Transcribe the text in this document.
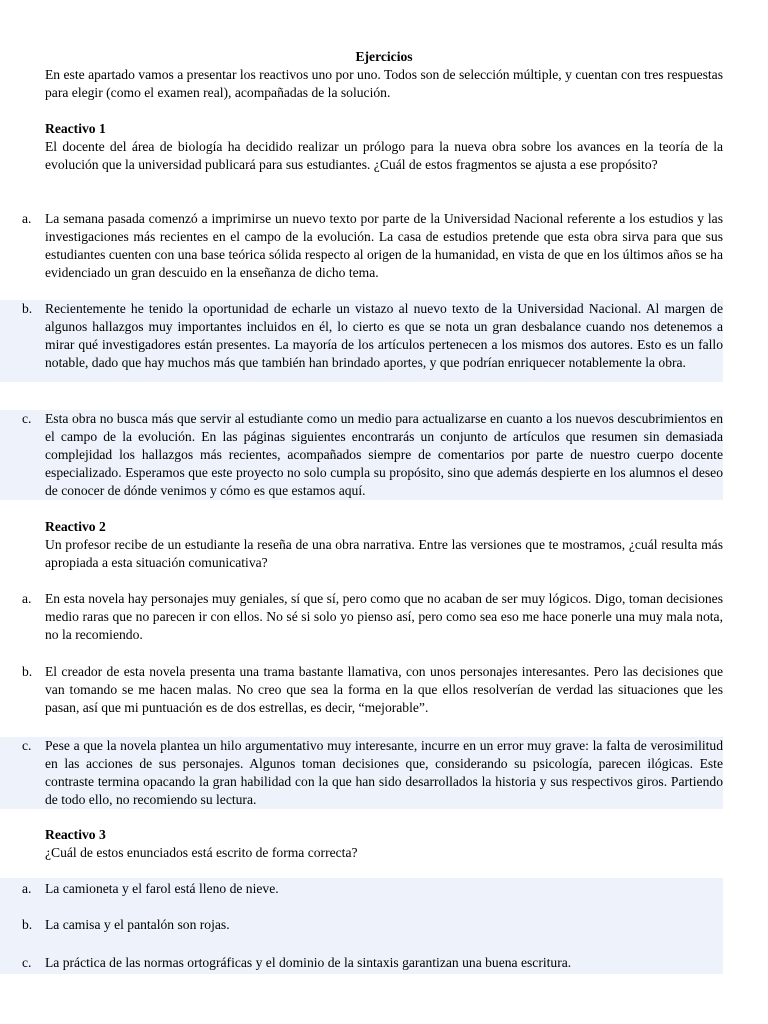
Ejercicios
En este apartado vamos a presentar los reactivos uno por uno. Todos son de selección múltiple, y cuentan con tres respuestas para elegir (como el examen real), acompañadas de la solución.
Reactivo 1
El docente del área de biología ha decidido realizar un prólogo para la nueva obra sobre los avances en la teoría de la evolución que la universidad publicará para sus estudiantes. ¿Cuál de estos fragmentos se ajusta a ese propósito?
a. La semana pasada comenzó a imprimirse un nuevo texto por parte de la Universidad Nacional referente a los estudios y las investigaciones más recientes en el campo de la evolución. La casa de estudios pretende que esta obra sirva para que sus estudiantes cuenten con una base teórica sólida respecto al origen de la humanidad, en vista de que en los últimos años se ha evidenciado un gran descuido en la enseñanza de dicho tema.
b. Recientemente he tenido la oportunidad de echarle un vistazo al nuevo texto de la Universidad Nacional. Al margen de algunos hallazgos muy importantes incluidos en él, lo cierto es que se nota un gran desbalance cuando nos detenemos a mirar qué investigadores están presentes. La mayoría de los artículos pertenecen a los mismos dos autores. Esto es un fallo notable, dado que hay muchos más que también han brindado aportes, y que podrían enriquecer notablemente la obra.
c. Esta obra no busca más que servir al estudiante como un medio para actualizarse en cuanto a los nuevos descubrimientos en el campo de la evolución. En las páginas siguientes encontrarás un conjunto de artículos que resumen sin demasiada complejidad los hallazgos más recientes, acompañados siempre de comentarios por parte de nuestro cuerpo docente especializado. Esperamos que este proyecto no solo cumpla su propósito, sino que además despierte en los alumnos el deseo de conocer de dónde venimos y cómo es que estamos aquí.
Reactivo 2
Un profesor recibe de un estudiante la reseña de una obra narrativa. Entre las versiones que te mostramos, ¿cuál resulta más apropiada a esta situación comunicativa?
a. En esta novela hay personajes muy geniales, sí que sí, pero como que no acaban de ser muy lógicos. Digo, toman decisiones medio raras que no parecen ir con ellos. No sé si solo yo pienso así, pero como sea eso me hace ponerle una muy mala nota, no la recomiendo.
b. El creador de esta novela presenta una trama bastante llamativa, con unos personajes interesantes. Pero las decisiones que van tomando se me hacen malas. No creo que sea la forma en la que ellos resolverían de verdad las situaciones que les pasan, así que mi puntuación es de dos estrellas, es decir, “mejorable”.
c. Pese a que la novela plantea un hilo argumentativo muy interesante, incurre en un error muy grave: la falta de verosimilitud en las acciones de sus personajes. Algunos toman decisiones que, considerando su psicología, parecen ilógicas. Este contraste termina opacando la gran habilidad con la que han sido desarrollados la historia y sus respectivos giros. Partiendo de todo ello, no recomiendo su lectura.
Reactivo 3
¿Cuál de estos enunciados está escrito de forma correcta?
a. La camioneta y el farol está lleno de nieve.
b. La camisa y el pantalón son rojas.
c. La práctica de las normas ortográficas y el dominio de la sintaxis garantizan una buena escritura.
